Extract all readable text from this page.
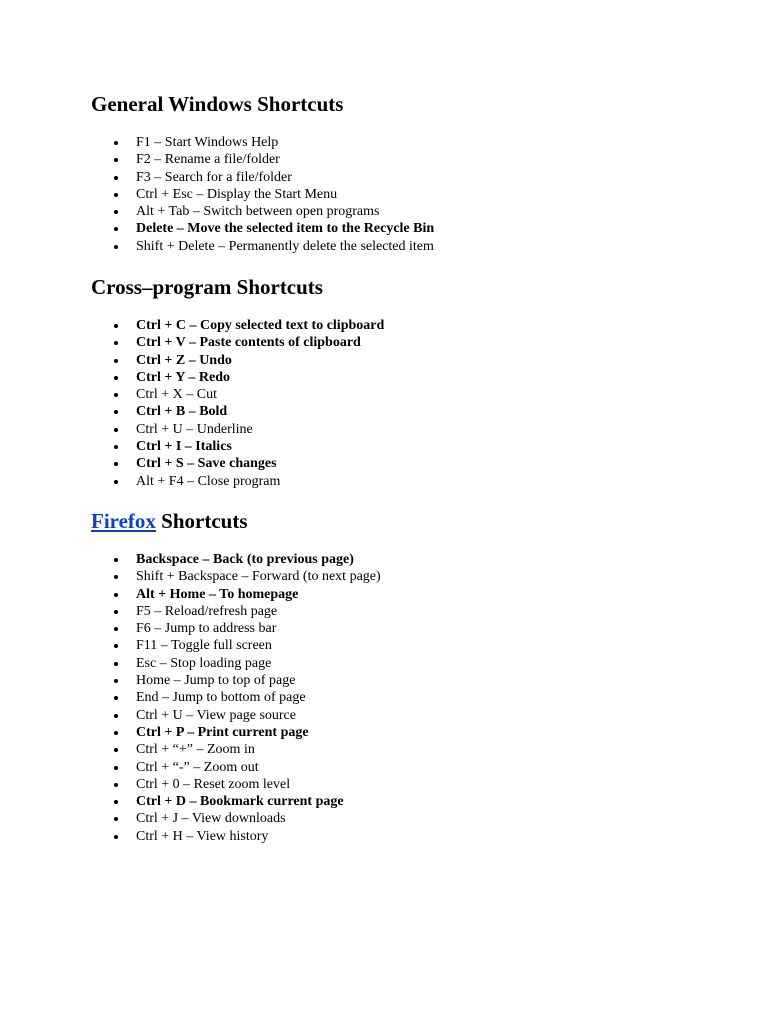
General Windows Shortcuts
F1 – Start Windows Help
F2 – Rename a file/folder
F3 – Search for a file/folder
Ctrl + Esc – Display the Start Menu
Alt + Tab – Switch between open programs
Delete – Move the selected item to the Recycle Bin
Shift + Delete – Permanently delete the selected item
Cross–program Shortcuts
Ctrl + C – Copy selected text to clipboard
Ctrl + V – Paste contents of clipboard
Ctrl + Z – Undo
Ctrl + Y – Redo
Ctrl + X – Cut
Ctrl + B – Bold
Ctrl + U – Underline
Ctrl + I – Italics
Ctrl + S – Save changes
Alt + F4 – Close program
Firefox Shortcuts
Backspace – Back (to previous page)
Shift + Backspace – Forward (to next page)
Alt + Home – To homepage
F5 – Reload/refresh page
F6 – Jump to address bar
F11 – Toggle full screen
Esc – Stop loading page
Home – Jump to top of page
End – Jump to bottom of page
Ctrl + U – View page source
Ctrl + P – Print current page
Ctrl + “+” – Zoom in
Ctrl + “-” – Zoom out
Ctrl + 0 – Reset zoom level
Ctrl + D – Bookmark current page
Ctrl + J – View downloads
Ctrl + H – View history
